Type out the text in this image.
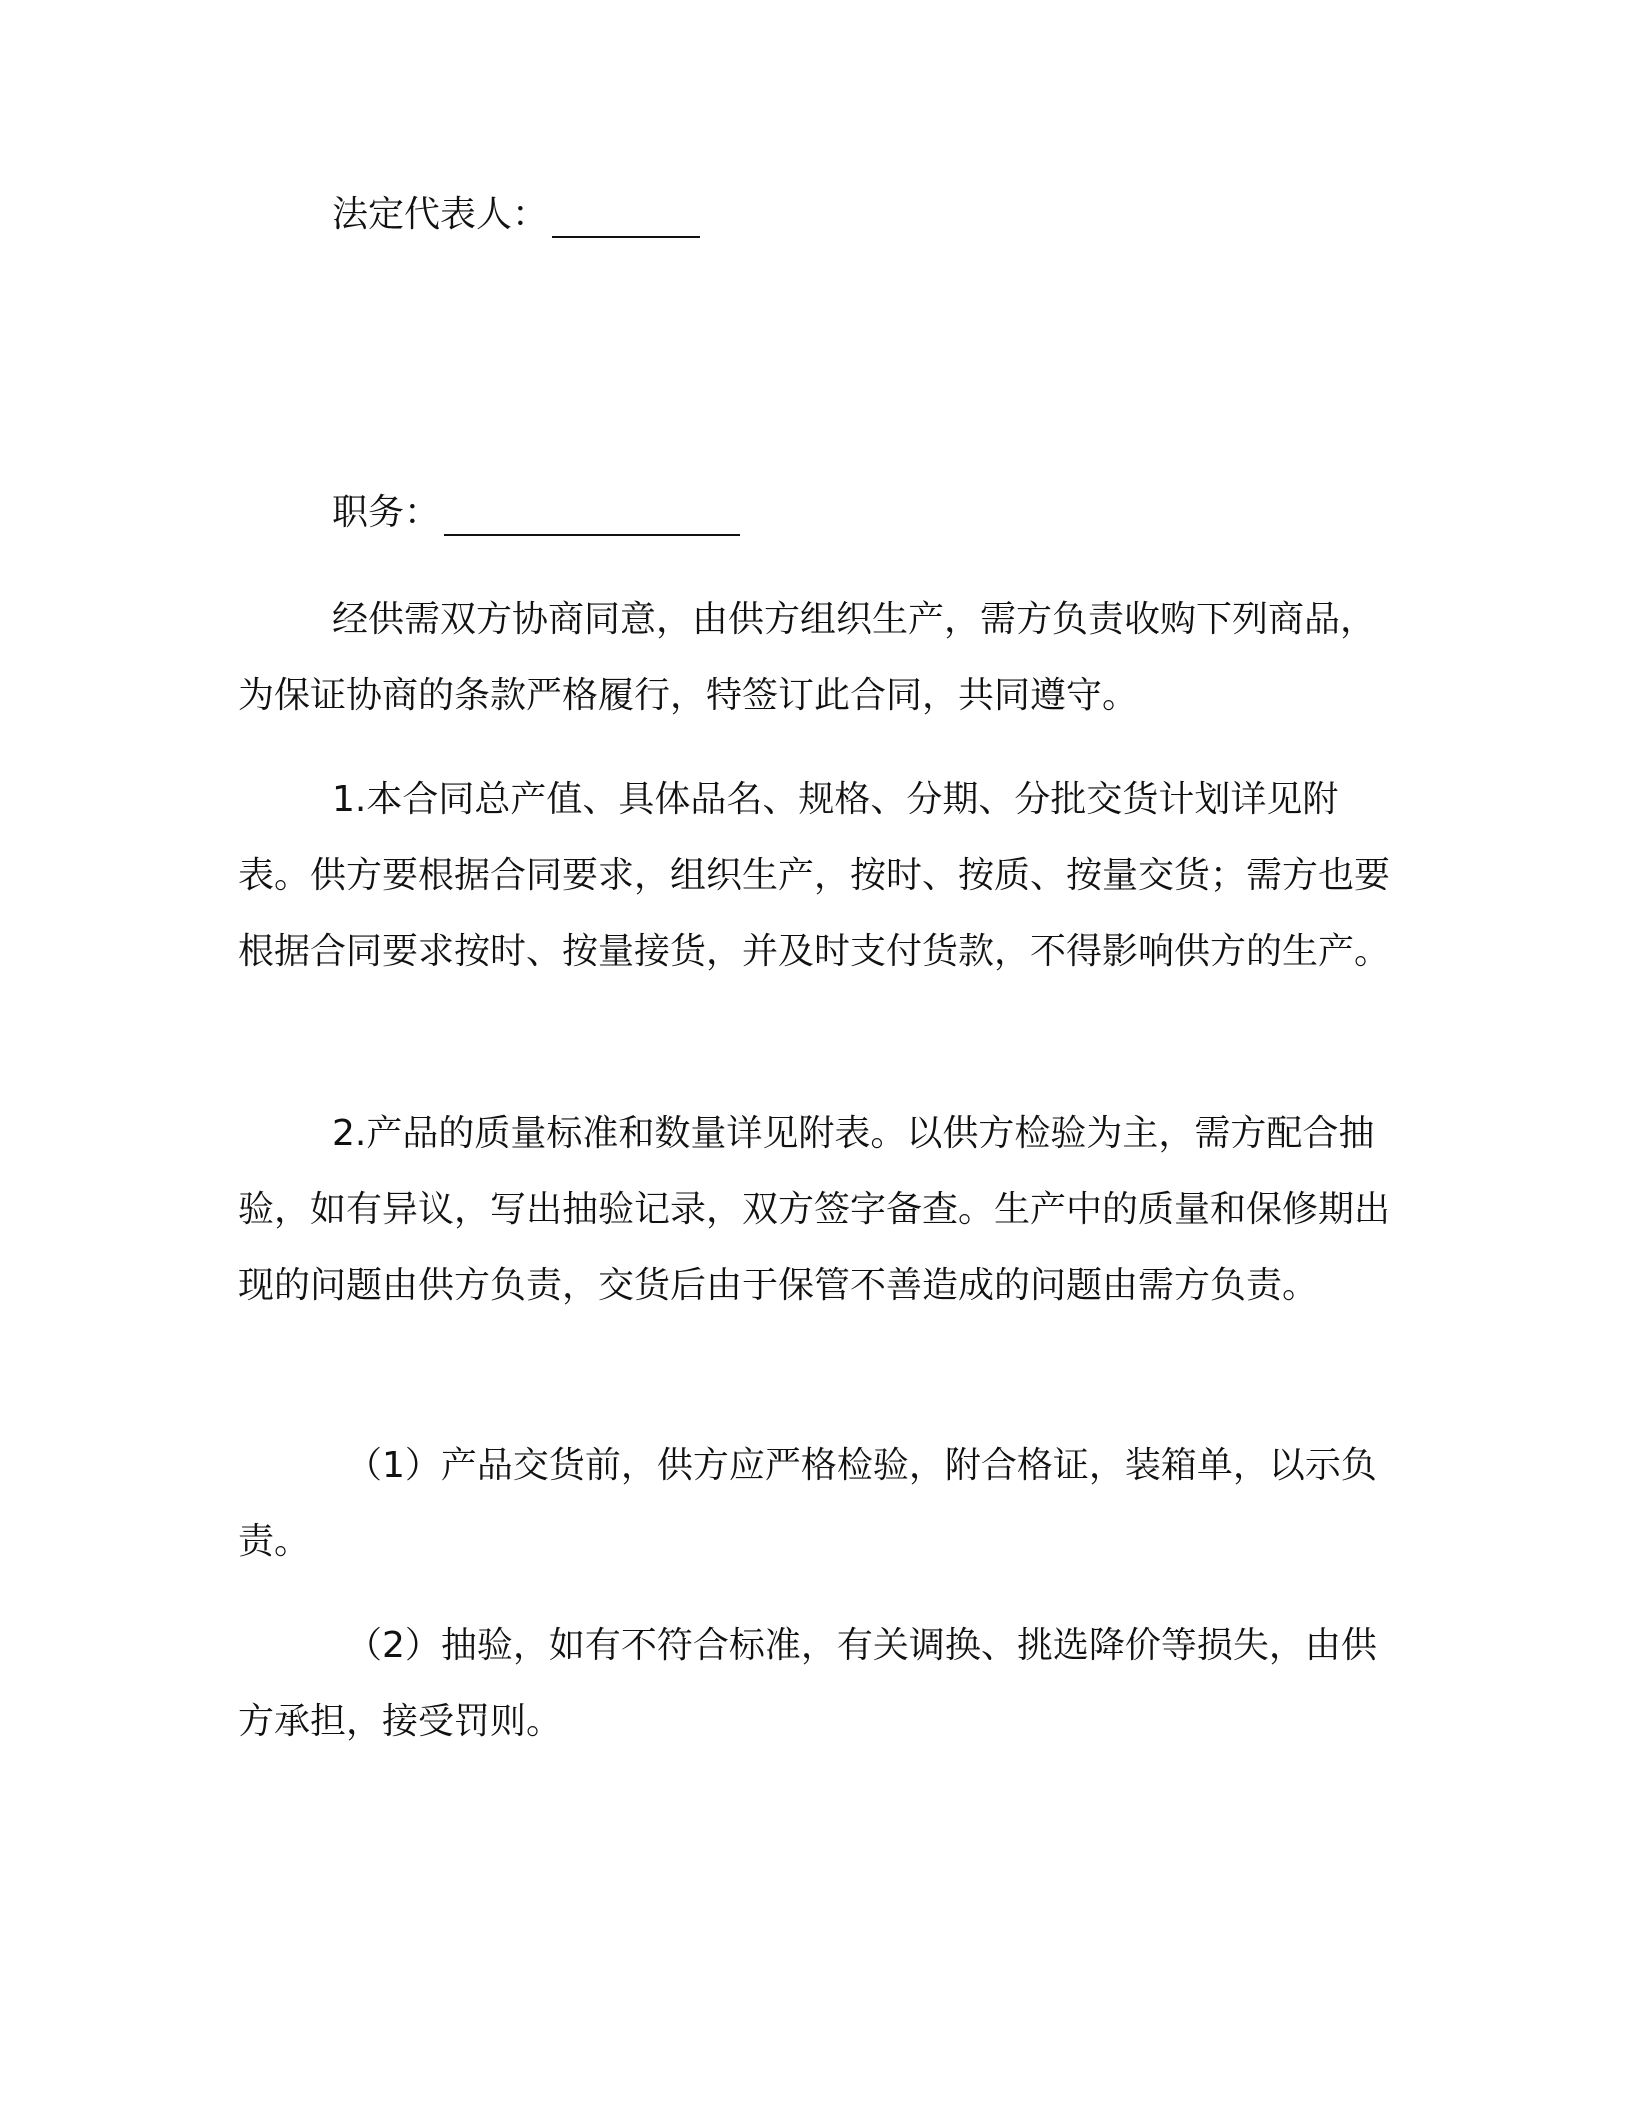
法定代表人：
职务：

经供需双方协商同意，由供方组织生产，需方负责收购下列商品，为保证协商的条款严格履行，特签订此合同，共同遵守。

1.本合同总产值、具体品名、规格、分期、分批交货计划详见附表。供方要根据合同要求，组织生产，按时、按质、按量交货；需方也要根据合同要求按时、按量接货，并及时支付货款，不得影响供方的生产。

2.产品的质量标准和数量详见附表。以供方检验为主，需方配合抽验，如有异议，写出抽验记录，双方签字备查。生产中的质量和保修期出现的问题由供方负责，交货后由于保管不善造成的问题由需方负责。

（1）产品交货前，供方应严格检验，附合格证，装箱单，以示负责。

（2）抽验，如有不符合标准，有关调换、挑选降价等损失，由供方承担，接受罚则。
